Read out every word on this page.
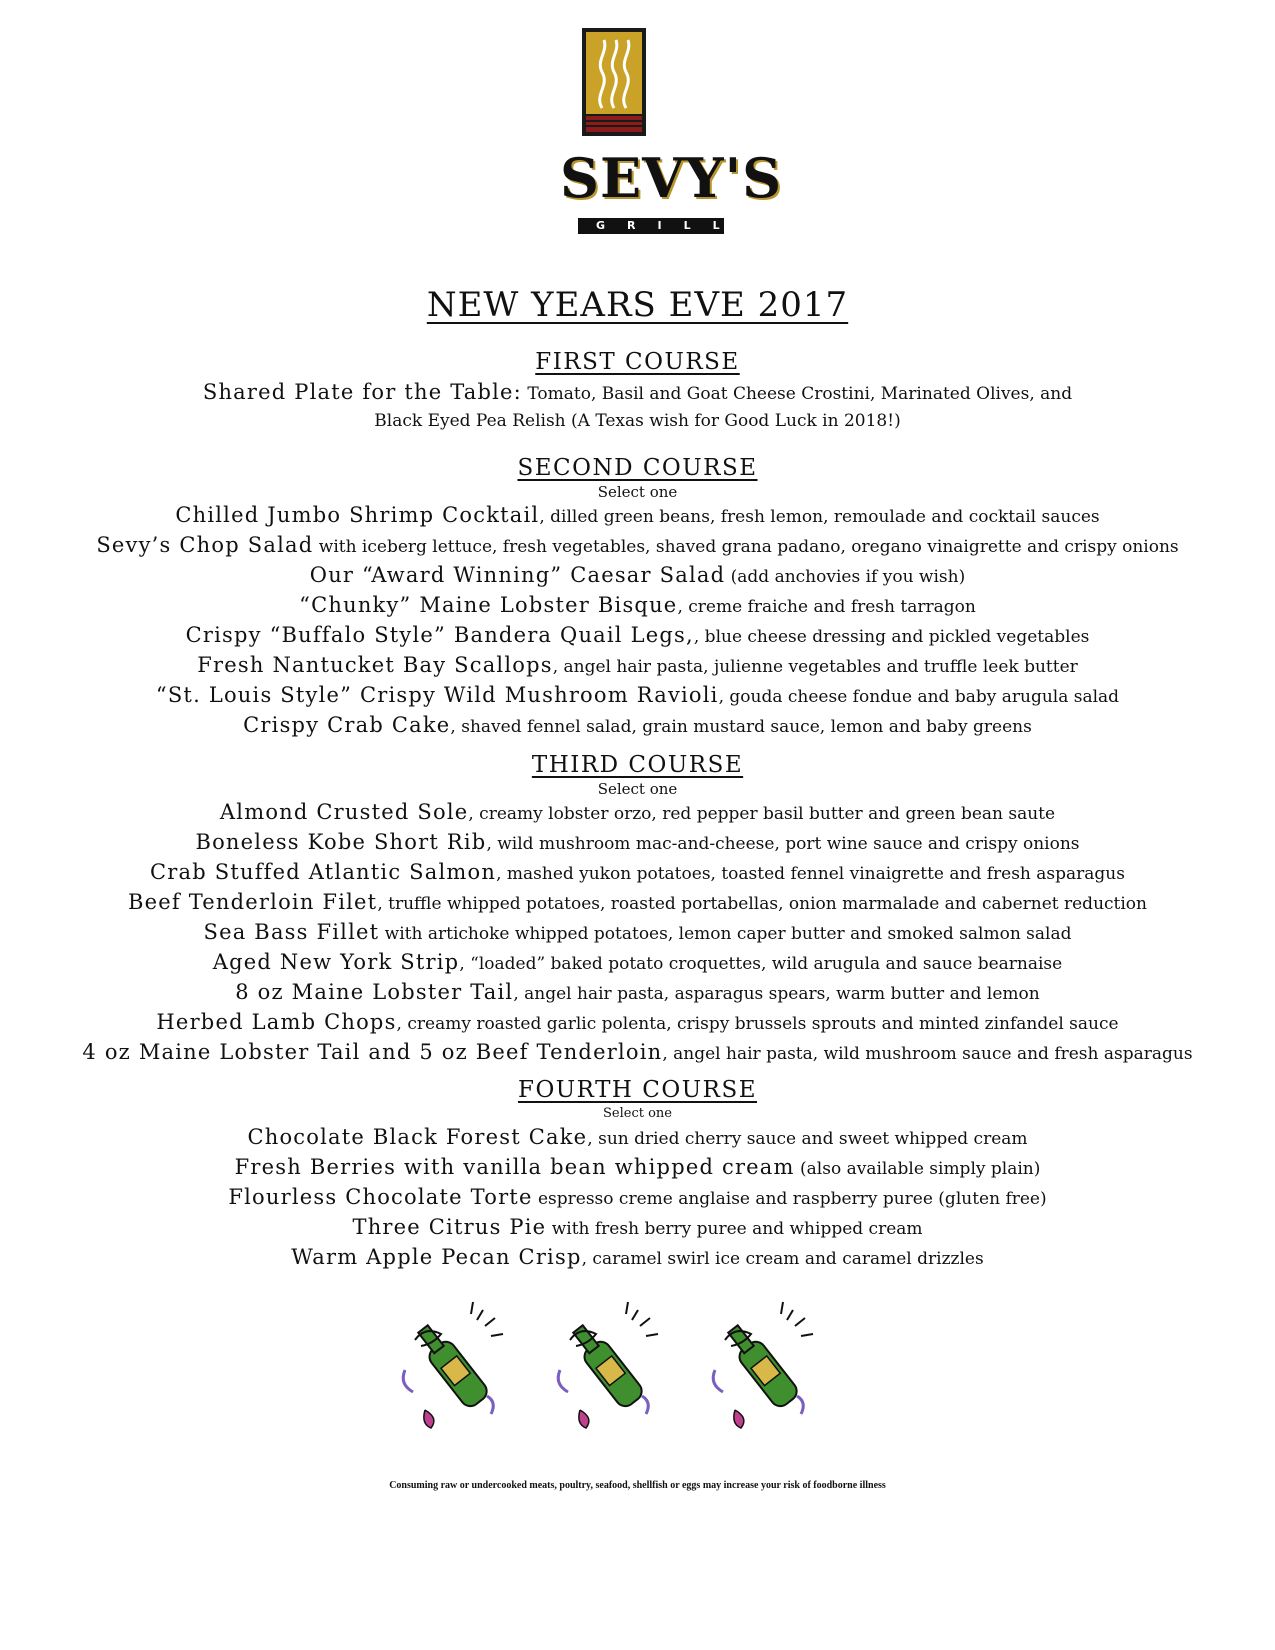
SEVY'S
GRILL
NEW YEARS EVE 2017
FIRST COURSE
Shared Plate for the Table: Tomato, Basil and Goat Cheese Crostini, Marinated Olives, and
Black Eyed Pea Relish (A Texas wish for Good Luck in 2018!)
SECOND COURSE
Select one
Chilled Jumbo Shrimp Cocktail, dilled green beans, fresh lemon, remoulade and cocktail sauces
Sevy’s Chop Salad with iceberg lettuce, fresh vegetables, shaved grana padano, oregano vinaigrette and crispy onions
Our “Award Winning” Caesar Salad (add anchovies if you wish)
“Chunky” Maine Lobster Bisque, creme fraiche and fresh tarragon
Crispy “Buffalo Style” Bandera Quail Legs,, blue cheese dressing and pickled vegetables
Fresh Nantucket Bay Scallops, angel hair pasta, julienne vegetables and truffle leek butter
“St. Louis Style” Crispy Wild Mushroom Ravioli, gouda cheese fondue and baby arugula salad
Crispy Crab Cake, shaved fennel salad, grain mustard sauce, lemon and baby greens
THIRD COURSE
Select one
Almond Crusted Sole, creamy lobster orzo, red pepper basil butter and green bean saute
Boneless Kobe Short Rib, wild mushroom mac-and-cheese, port wine sauce and crispy onions
Crab Stuffed Atlantic Salmon, mashed yukon potatoes, toasted fennel vinaigrette and fresh asparagus
Beef Tenderloin Filet, truffle whipped potatoes, roasted portabellas, onion marmalade and cabernet reduction
Sea Bass Fillet with artichoke whipped potatoes, lemon caper butter and smoked salmon salad
Aged New York Strip, “loaded” baked potato croquettes, wild arugula and sauce bearnaise
8 oz Maine Lobster Tail, angel hair pasta, asparagus spears, warm butter and lemon
Herbed Lamb Chops, creamy roasted garlic polenta, crispy brussels sprouts and minted zinfandel sauce
4 oz Maine Lobster Tail and 5 oz Beef Tenderloin, angel hair pasta, wild mushroom sauce and fresh asparagus
FOURTH COURSE
Select one
Chocolate Black Forest Cake, sun dried cherry sauce and sweet whipped cream
Fresh Berries with vanilla bean whipped cream (also available simply plain)
Flourless Chocolate Torte espresso creme anglaise and raspberry puree (gluten free)
Three Citrus Pie with fresh berry puree and whipped cream
Warm Apple Pecan Crisp, caramel swirl ice cream and caramel drizzles
Consuming raw or undercooked meats, poultry, seafood, shellfish or eggs may increase your risk of foodborne illness
